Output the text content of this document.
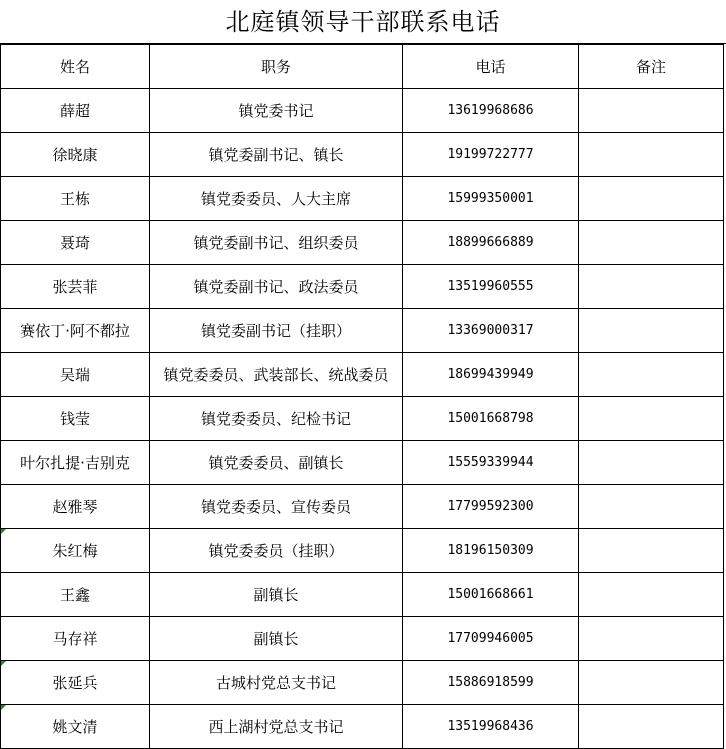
北庭镇领导干部联系电话
姓名	职务	电话	备注
薛超	镇党委书记	13619968686	
徐晓康	镇党委副书记、镇长	19199722777	
王栋	镇党委委员、人大主席	15999350001	
聂琦	镇党委副书记、组织委员	18899666889	
张芸菲	镇党委副书记、政法委员	13519960555	
赛依丁·阿不都拉	镇党委副书记（挂职）	13369000317	
吴瑞	镇党委委员、武装部长、统战委员	18699439949	
钱莹	镇党委委员、纪检书记	15001668798	
叶尔扎提·吉别克	镇党委委员、副镇长	15559339944	
赵雅琴	镇党委委员、宣传委员	17799592300	

朱红梅	镇党委委员（挂职）	18196150309	
王鑫	副镇长	15001668661	
马存祥	副镇长	17709946005	

张延兵	古城村党总支书记	15886918599	

姚文清	西上湖村党总支书记	13519968436	
